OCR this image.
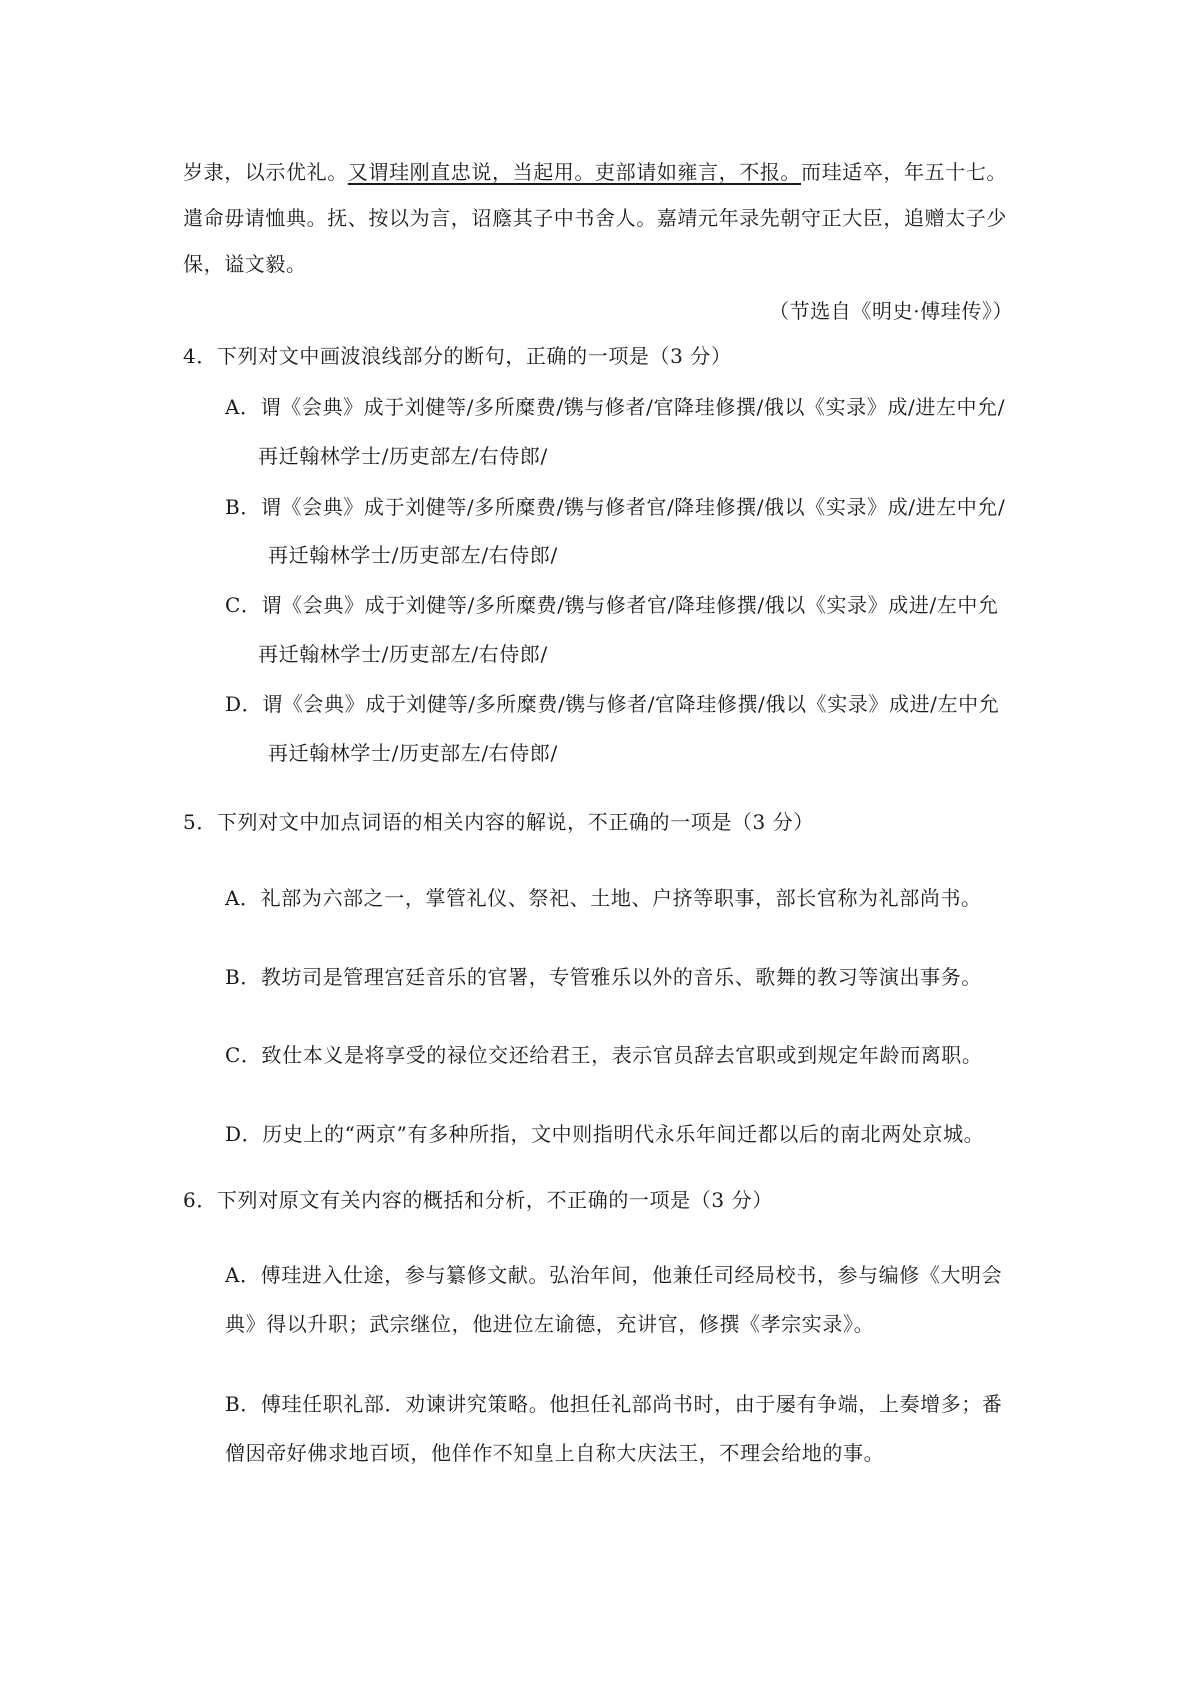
岁隶，以示优礼。又谓珪刚直忠说，当起用。吏部请如雍言，不报。而珪适卒，年五十七。
遣命毋请恤典。抚、按以为言，诏廕其子中书舍人。嘉靖元年录先朝守正大臣，追赠太子少
保，谥文毅。
（节选自《明史·傅珪传》）
4．下列对文中画波浪线部分的断句，正确的一项是（3 分）
A．谓《会典》成于刘健等/多所糜费/镌与修者/官降珪修撰/俄以《实录》成/进左中允/
再迁翰林学士/历吏部左/右侍郎/
B．谓《会典》成于刘健等/多所糜费/镌与修者官/降珪修撰/俄以《实录》成/进左中允/
再迁翰林学士/历吏部左/右侍郎/
C．谓《会典》成于刘健等/多所糜费/镌与修者官/降珪修撰/俄以《实录》成进/左中允
再迁翰林学士/历吏部左/右侍郎/
D．谓《会典》成于刘健等/多所糜费/镌与修者/官降珪修撰/俄以《实录》成进/左中允
再迁翰林学士/历吏部左/右侍郎/
5．下列对文中加点词语的相关内容的解说，不正确的一项是（3 分）
A．礼部为六部之一，掌管礼仪、祭祀、土地、户挤等职事，部长官称为礼部尚书。
B．教坊司是管理宫廷音乐的官署，专管雅乐以外的音乐、歌舞的教习等演出事务。
C．致仕本义是将享受的禄位交还给君王，表示官员辞去官职或到规定年龄而离职。
D．历史上的“两京”有多种所指，文中则指明代永乐年间迁都以后的南北两处京城。
6．下列对原文有关内容的概括和分析，不正确的一项是（3 分）
A．傅珪进入仕途，参与纂修文献。弘治年间，他兼任司经局校书，参与编修《大明会
典》得以升职；武宗继位，他进位左谕德，充讲官，修撰《孝宗实录》。
B．傅珪任职礼部．劝谏讲究策略。他担任礼部尚书时，由于屡有争端，上奏增多；番
僧因帝好佛求地百顷，他佯作不知皇上自称大庆法王，不理会给地的事。
